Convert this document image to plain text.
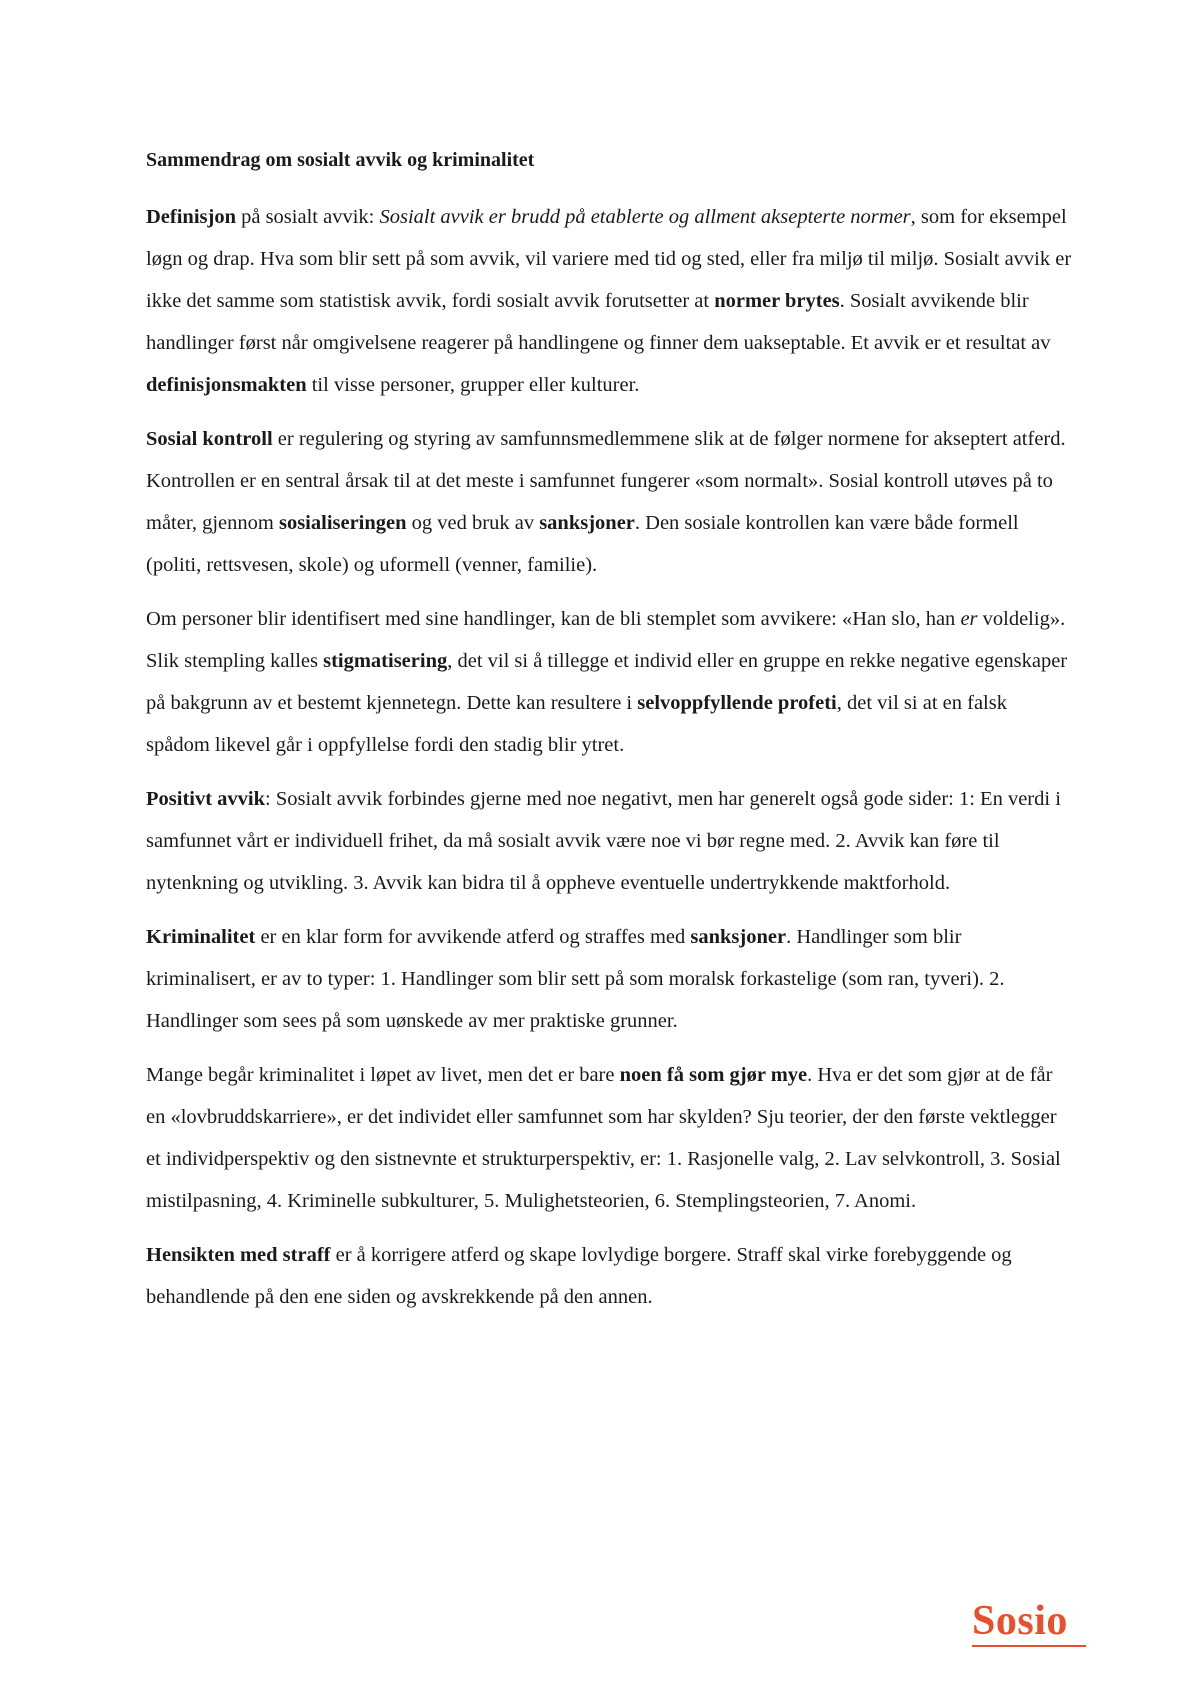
Sammendrag om sosialt avvik og kriminalitet

Definisjon på sosialt avvik: Sosialt avvik er brudd på etablerte og allment aksepterte normer, som for eksempel løgn og drap. Hva som blir sett på som avvik, vil variere med tid og sted, eller fra miljø til miljø. Sosialt avvik er ikke det samme som statistisk avvik, fordi sosialt avvik forutsetter at normer brytes. Sosialt avvikende blir handlinger først når omgivelsene reagerer på handlingene og finner dem uakseptable. Et avvik er et resultat av definisjonsmakten til visse personer, grupper eller kulturer.

Sosial kontroll er regulering og styring av samfunnsmedlemmene slik at de følger normene for akseptert atferd. Kontrollen er en sentral årsak til at det meste i samfunnet fungerer «som normalt». Sosial kontroll utøves på to måter, gjennom sosialiseringen og ved bruk av sanksjoner. Den sosiale kontrollen kan være både formell (politi, rettsvesen, skole) og uformell (venner, familie).

Om personer blir identifisert med sine handlinger, kan de bli stemplet som avvikere: «Han slo, han er voldelig». Slik stempling kalles stigmatisering, det vil si å tillegge et individ eller en gruppe en rekke negative egenskaper på bakgrunn av et bestemt kjennetegn. Dette kan resultere i selvoppfyllende profeti, det vil si at en falsk spådom likevel går i oppfyllelse fordi den stadig blir ytret.

Positivt avvik: Sosialt avvik forbindes gjerne med noe negativt, men har generelt også gode sider: 1: En verdi i samfunnet vårt er individuell frihet, da må sosialt avvik være noe vi bør regne med. 2. Avvik kan føre til nytenkning og utvikling. 3. Avvik kan bidra til å oppheve eventuelle undertrykkende maktforhold.

Kriminalitet er en klar form for avvikende atferd og straffes med sanksjoner. Handlinger som blir kriminalisert, er av to typer: 1. Handlinger som blir sett på som moralsk forkastelige (som ran, tyveri). 2. Handlinger som sees på som uønskede av mer praktiske grunner.

Mange begår kriminalitet i løpet av livet, men det er bare noen få som gjør mye. Hva er det som gjør at de får en «lovbruddskarriere», er det individet eller samfunnet som har skylden? Sju teorier, der den første vektlegger et individperspektiv og den sistnevnte et strukturperspektiv, er: 1. Rasjonelle valg, 2. Lav selvkontroll, 3. Sosial mistilpasning, 4. Kriminelle subkulturer, 5. Mulighetsteorien, 6. Stemplingsteorien, 7. Anomi.

Hensikten med straff er å korrigere atferd og skape lovlydige borgere. Straff skal virke forebyggende og behandlende på den ene siden og avskrekkende på den annen.

Sosio
